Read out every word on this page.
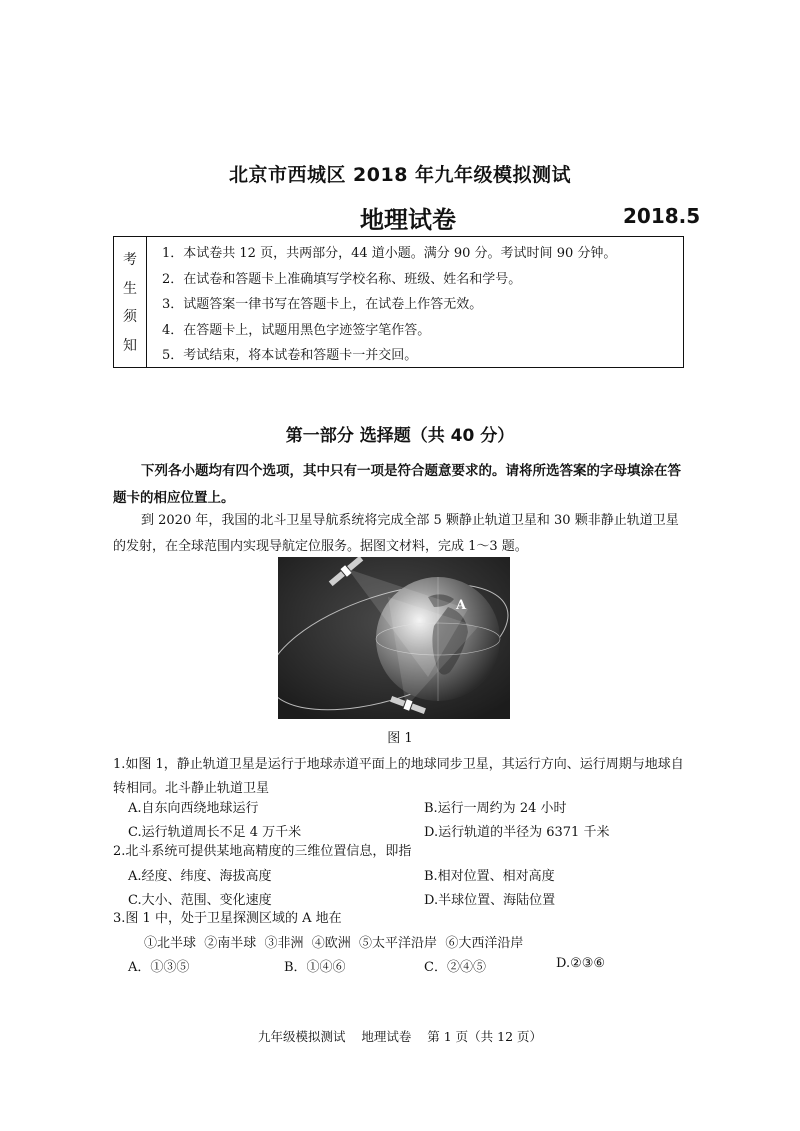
北京市西城区 2018 年九年级模拟测试
地理试卷	2018.5
考
生
须
知
1．本试卷共 12 页，共两部分，44 道小题。满分 90 分。考试时间 90 分钟。
2．在试卷和答题卡上准确填写学校名称、班级、姓名和学号。
3．试题答案一律书写在答题卡上，在试卷上作答无效。
4．在答题卡上，试题用黑色字迹签字笔作答。
5．考试结束，将本试卷和答题卡一并交回。
第一部分 选择题（共 40 分）
下列各小题均有四个选项，其中只有一项是符合题意要求的。请将所选答案的字母填涂在答题卡的相应位置上。
到 2020 年，我国的北斗卫星导航系统将完成全部 5 颗静止轨道卫星和 30 颗非静止轨道卫星的发射，在全球范围内实现导航定位服务。据图文材料，完成 1～3 题。
A
图 1
1.如图 1，静止轨道卫星是运行于地球赤道平面上的地球同步卫星，其运行方向、运行周期与地球自转相同。北斗静止轨道卫星
A.自东向西绕地球运行	B.运行一周约为 24 小时
C.运行轨道周长不足 4 万千米	D.运行轨道的半径为 6371 千米
2.北斗系统可提供某地高精度的三维位置信息，即指
A.经度、纬度、海拔高度	B.相对位置、相对高度
C.大小、范围、变化速度	D.半球位置、海陆位置
3.图 1 中，处于卫星探测区域的 A 地在
①北半球  ②南半球  ③非洲  ④欧洲  ⑤太平洋沿岸  ⑥大西洋沿岸
A．①③⑤	B．①④⑥	C．②④⑤	D.②③⑥
九年级模拟测试    地理试卷    第 1 页（共 12 页）
